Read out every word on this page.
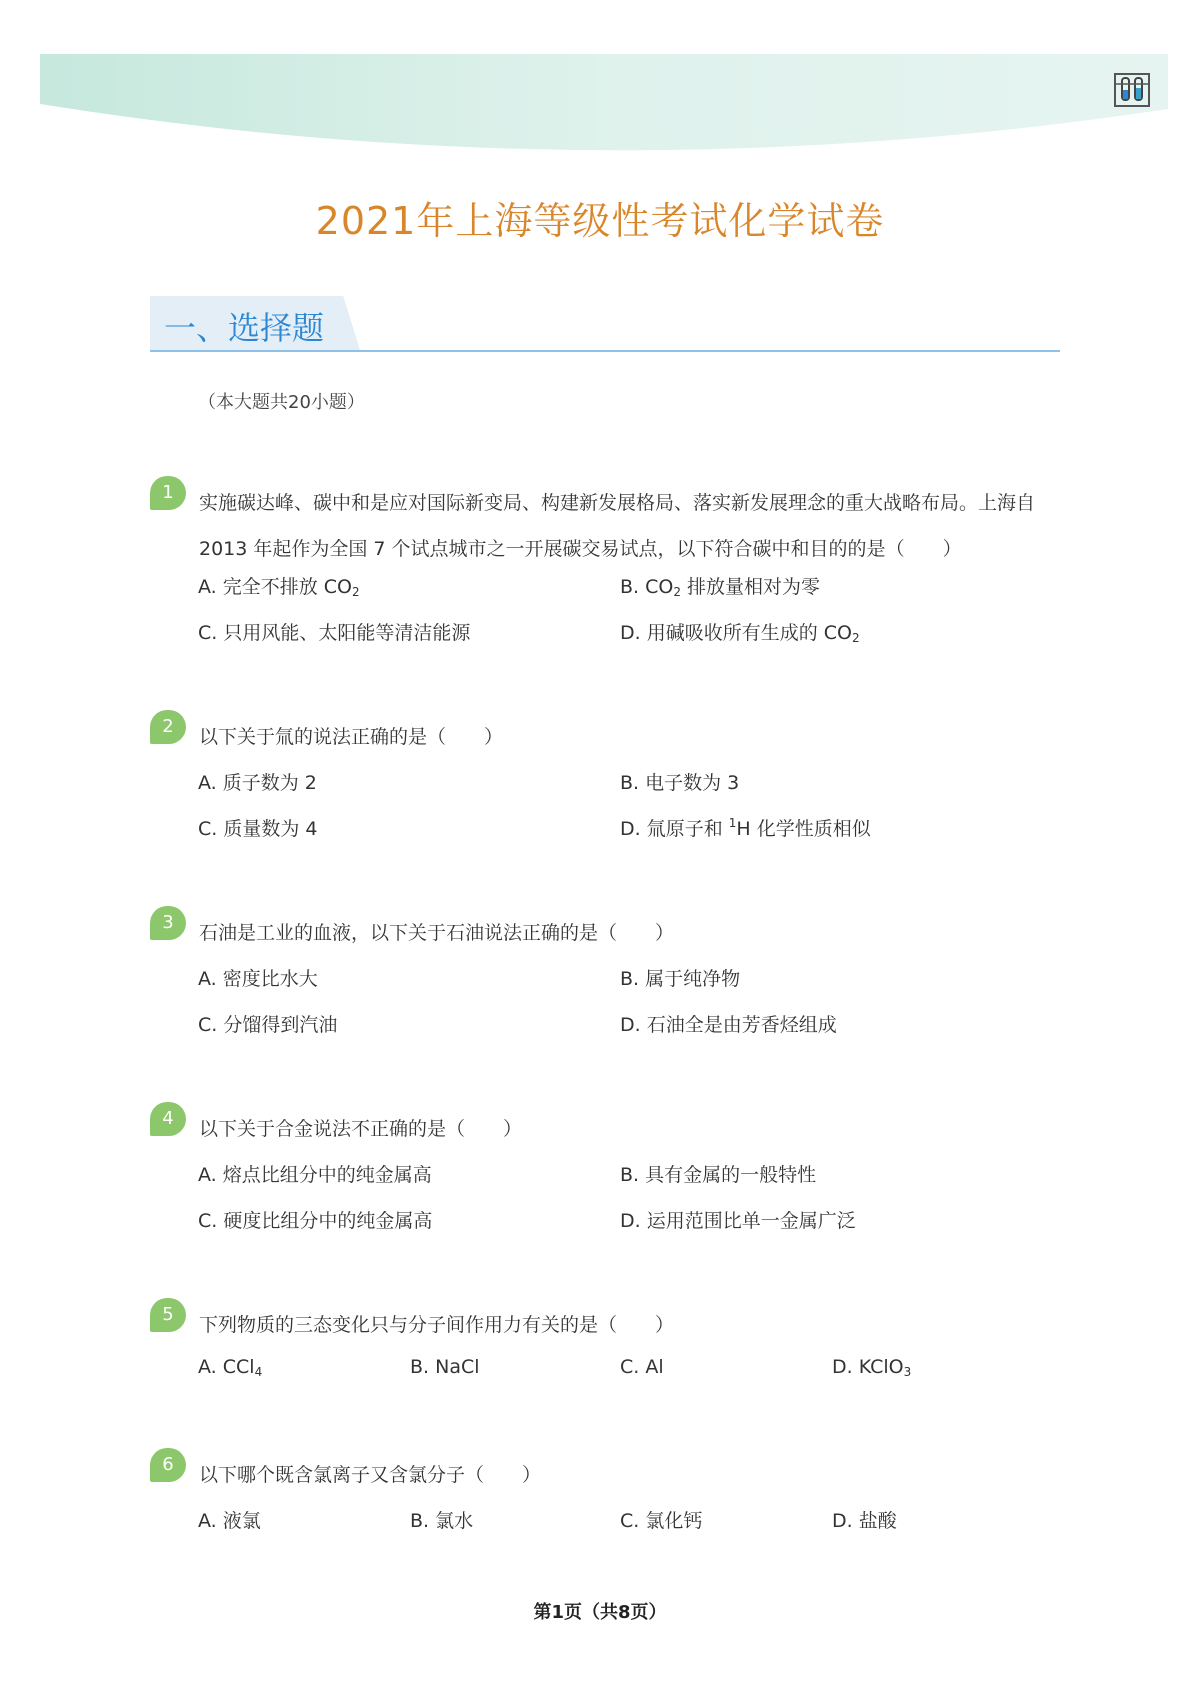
2021年上海等级性考试化学试卷
一、选择题
（本大题共20小题）
1	实施碳达峰、碳中和是应对国际新变局、构建新发展格局、落实新发展理念的重大战略布局。上海自 2013 年起作为全国 7 个试点城市之一开展碳交易试点，以下符合碳中和目的的是（　　）
A. 完全不排放 $CO_2$	B. $CO_2$ 排放量相对为零
C. 只用风能、太阳能等清洁能源	D. 用碱吸收所有生成的 $CO_2$
2	以下关于氚的说法正确的是（　　）
A. 质子数为 2	B. 电子数为 3
C. 质量数为 4	D. 氚原子和 $^1$H 化学性质相似
3	石油是工业的血液，以下关于石油说法正确的是（　　）
A. 密度比水大	B. 属于纯净物
C. 分馏得到汽油	D. 石油全是由芳香烃组成
4	以下关于合金说法不正确的是（　　）
A. 熔点比组分中的纯金属高	B. 具有金属的一般特性
C. 硬度比组分中的纯金属高	D. 运用范围比单一金属广泛
5	下列物质的三态变化只与分子间作用力有关的是（　　）
A. CCl$_4$	B. NaCl	C. Al	D. KClO$_3$
6	以下哪个既含氯离子又含氯分子（　　）
A. 液氯	B. 氯水	C. 氯化钙	D. 盐酸
第1页（共8页）
